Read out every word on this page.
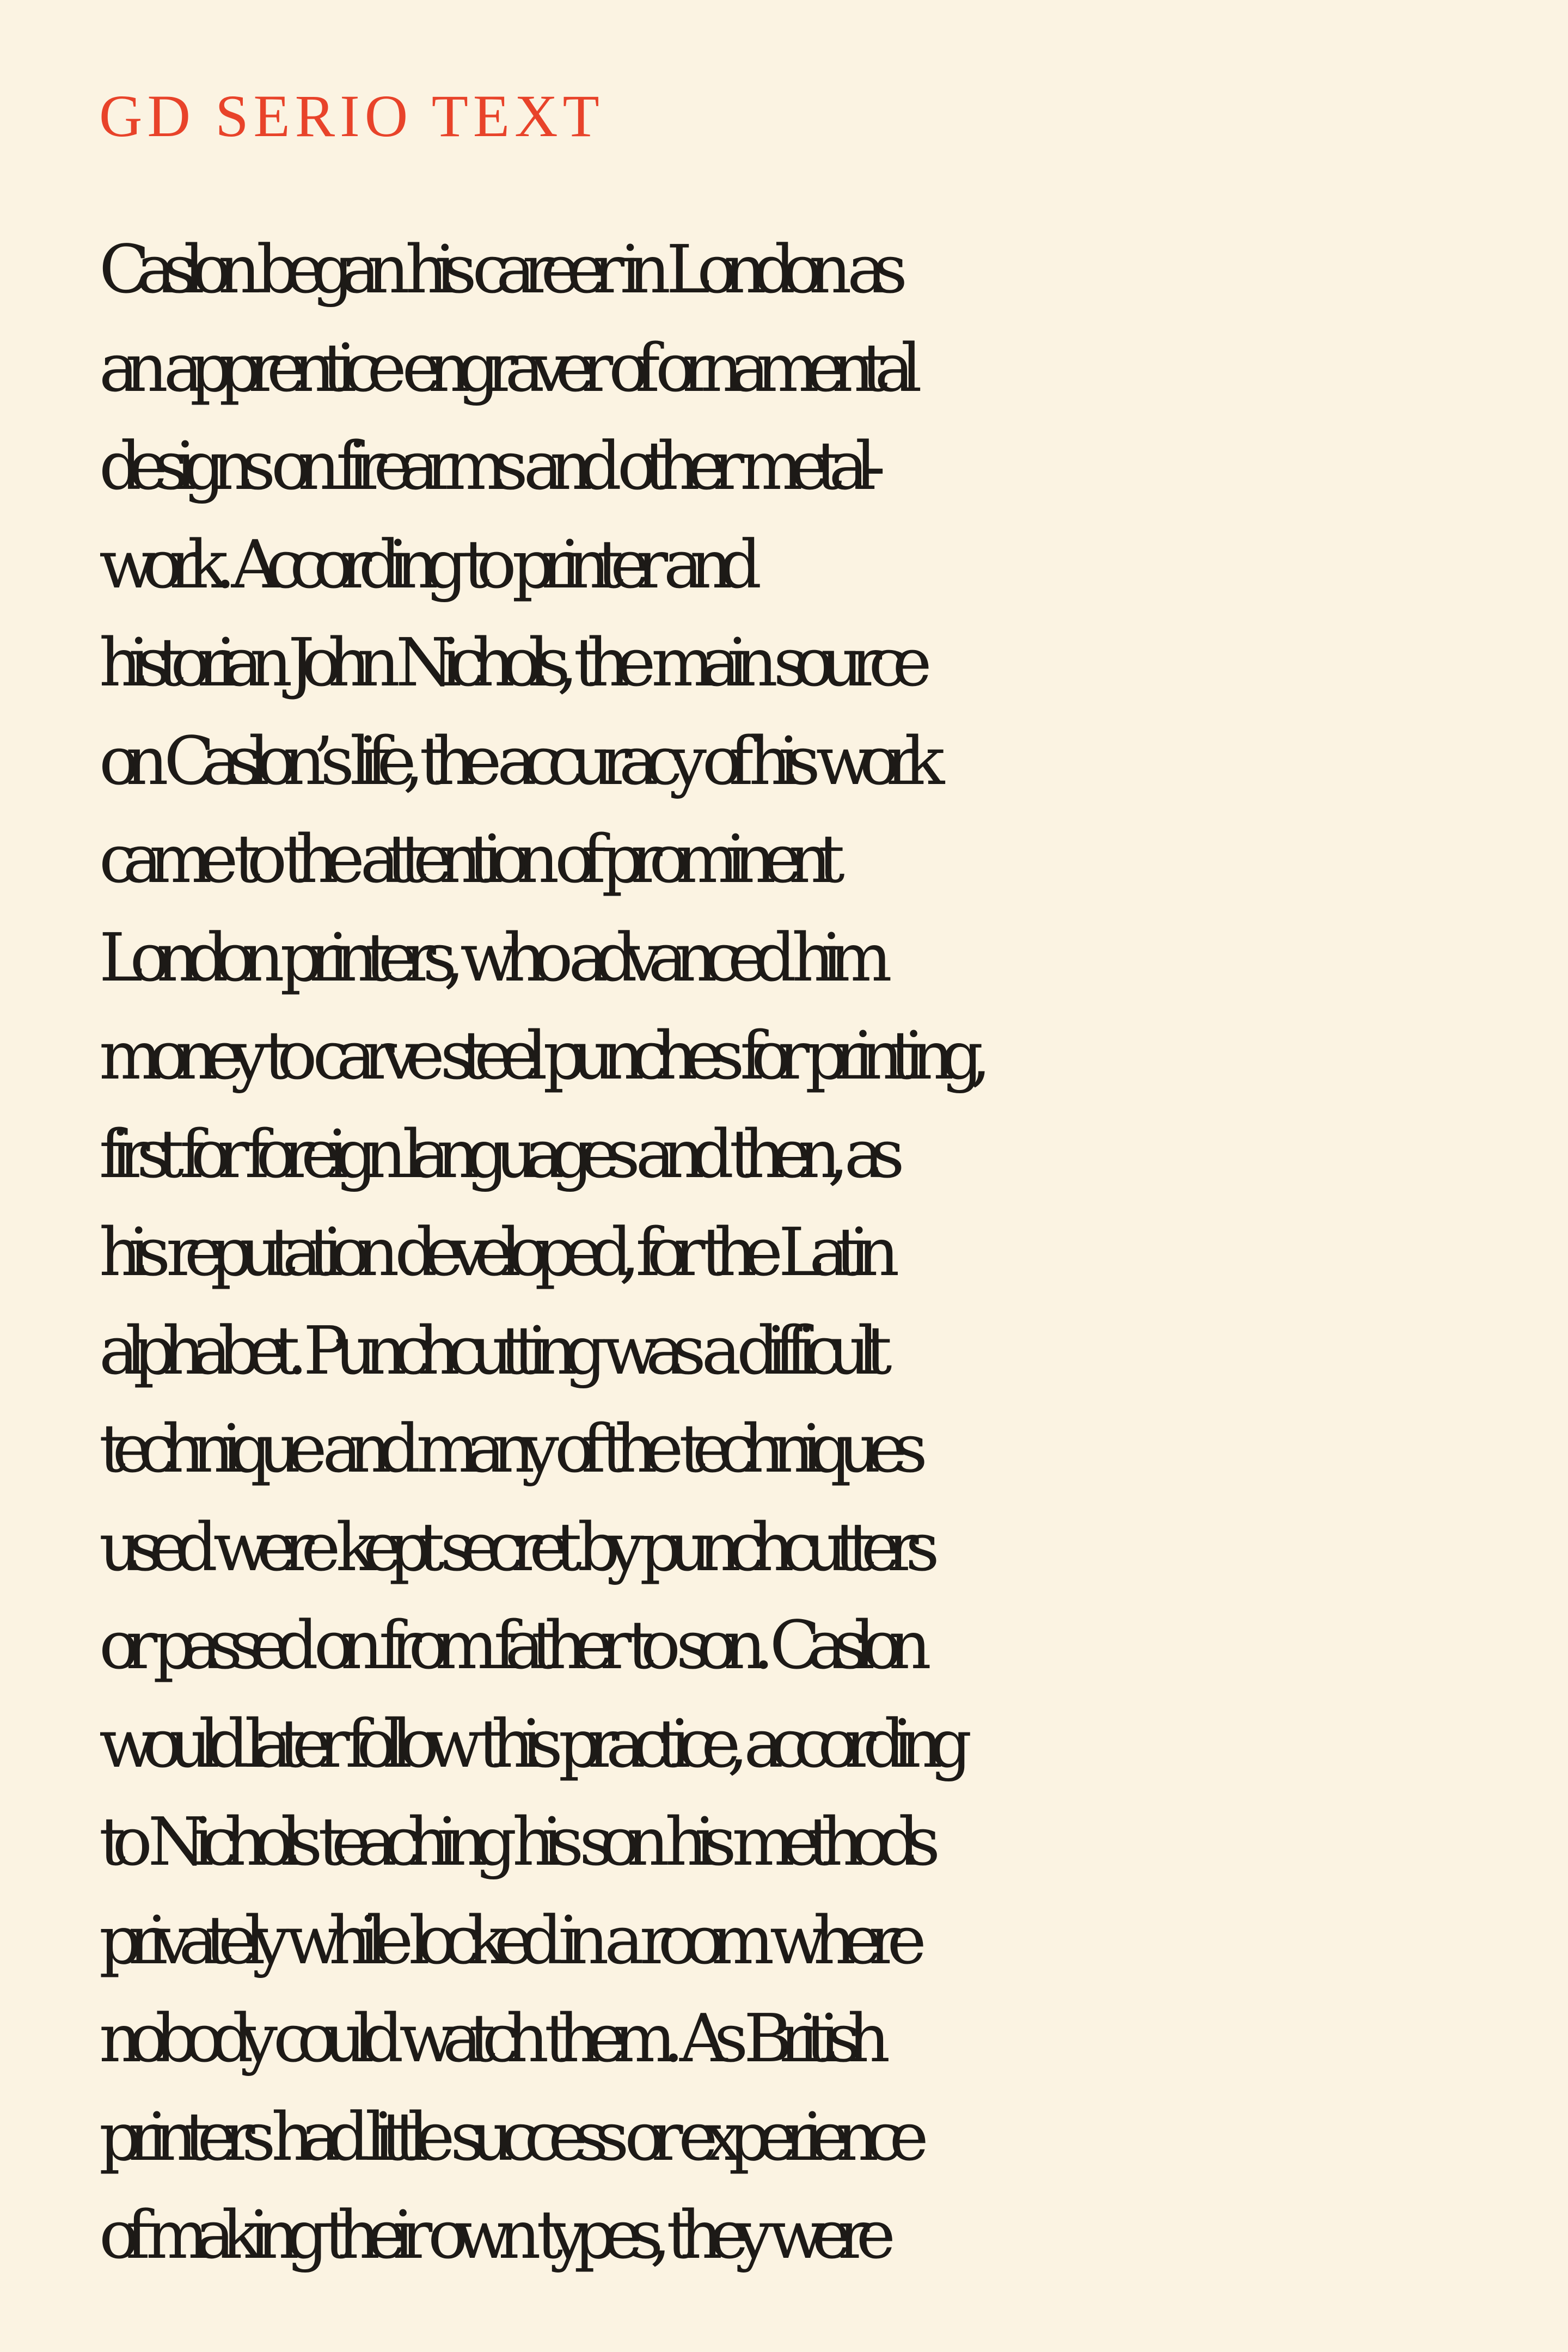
GD SERIO TEXT
Caslon began his career in London as
an apprentice engraver of ornamental
designs on firearms and other metal-
work. According to printer and
historian John Nichols, the main source
on Caslon’s life, the accuracy of his work
came to the attention of prominent
London printers, who advanced him
money to carve steel punches for printing,
first for foreign languages and then, as
his reputation developed, for the Latin
alphabet. Punchcutting was a difficult
technique and many of the techniques
used were kept secret by punchcutters
or passed on from father to son. Caslon
would later follow this practice, according
to Nichols teaching his son his methods
privately while locked in a room where
nobody could watch them. As British
printers had little success or experience
of making their own types, they were
